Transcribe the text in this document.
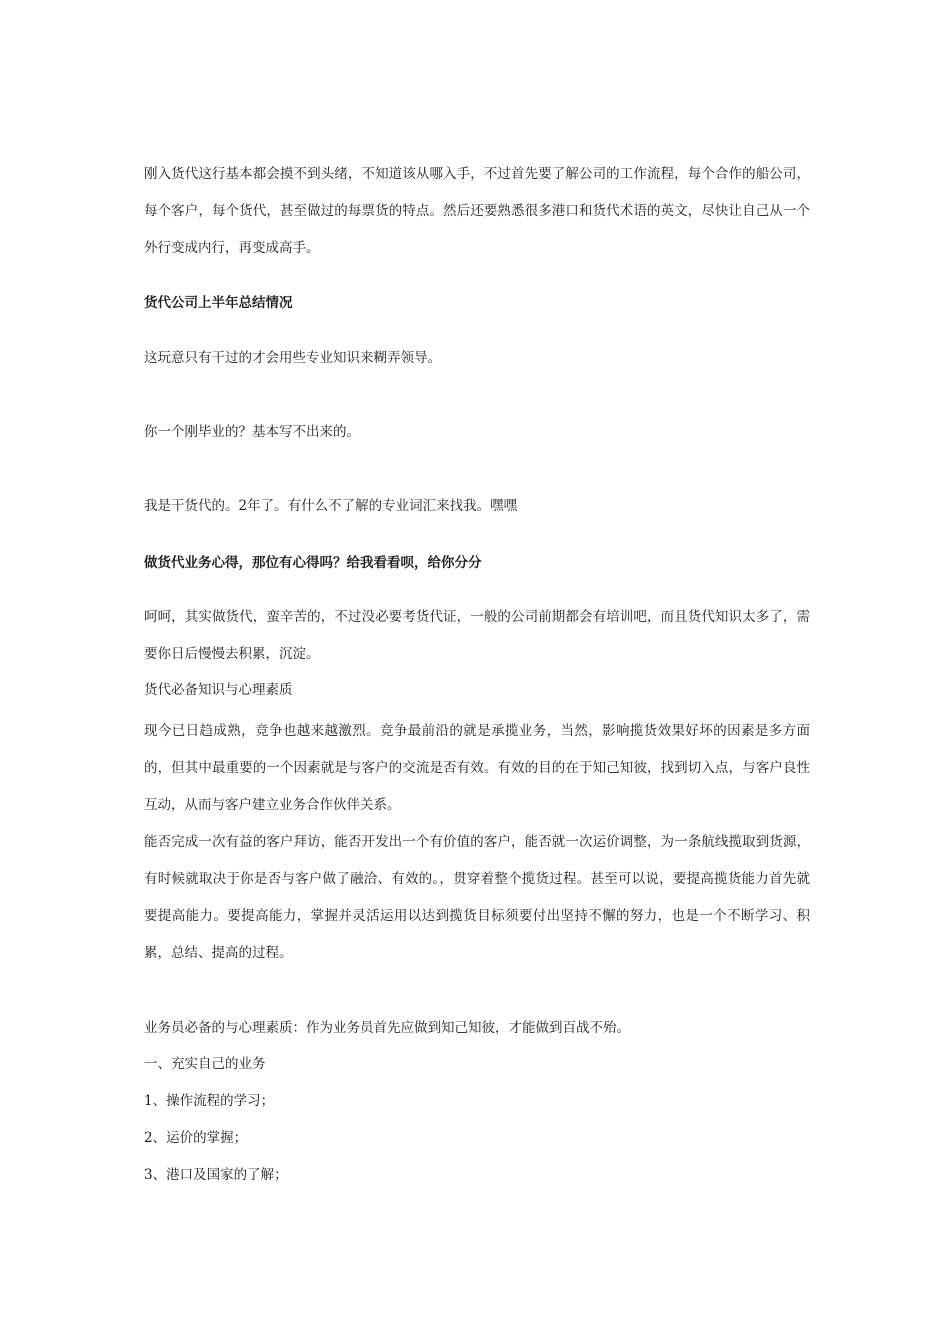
刚入货代这行基本都会摸不到头绪，不知道该从哪入手，不过首先要了解公司的工作流程，每个合作的船公司，每个客户，每个货代，甚至做过的每票货的特点。然后还要熟悉很多港口和货代术语的英文，尽快让自己从一个外行变成内行，再变成高手。

货代公司上半年总结情况

这玩意只有干过的才会用些专业知识来糊弄领导。

你一个刚毕业的？基本写不出来的。

我是干货代的。2年了。有什么不了解的专业词汇来找我。嘿嘿

做货代业务心得，那位有心得吗？给我看看呗，给你分分

呵呵，其实做货代，蛮辛苦的，不过没必要考货代证，一般的公司前期都会有培训吧，而且货代知识太多了，需要你日后慢慢去积累，沉淀。

货代必备知识与心理素质

现今已日趋成熟，竞争也越来越激烈。竞争最前沿的就是承揽业务，当然，影响揽货效果好坏的因素是多方面的，但其中最重要的一个因素就是与客户的交流是否有效。有效的目的在于知己知彼，找到切入点，与客户良性互动，从而与客户建立业务合作伙伴关系。

能否完成一次有益的客户拜访，能否开发出一个有价值的客户，能否就一次运价调整，为一条航线揽取到货源，有时候就取决于你是否与客户做了融洽、有效的。，贯穿着整个揽货过程。甚至可以说，要提高揽货能力首先就要提高能力。要提高能力，掌握并灵活运用以达到揽货目标须要付出坚持不懈的努力，也是一个不断学习、积累，总结、提高的过程。

业务员必备的与心理素质：作为业务员首先应做到知己知彼，才能做到百战不殆。

一、充实自己的业务

1、操作流程的学习；

2、运价的掌握；

3、港口及国家的了解；
